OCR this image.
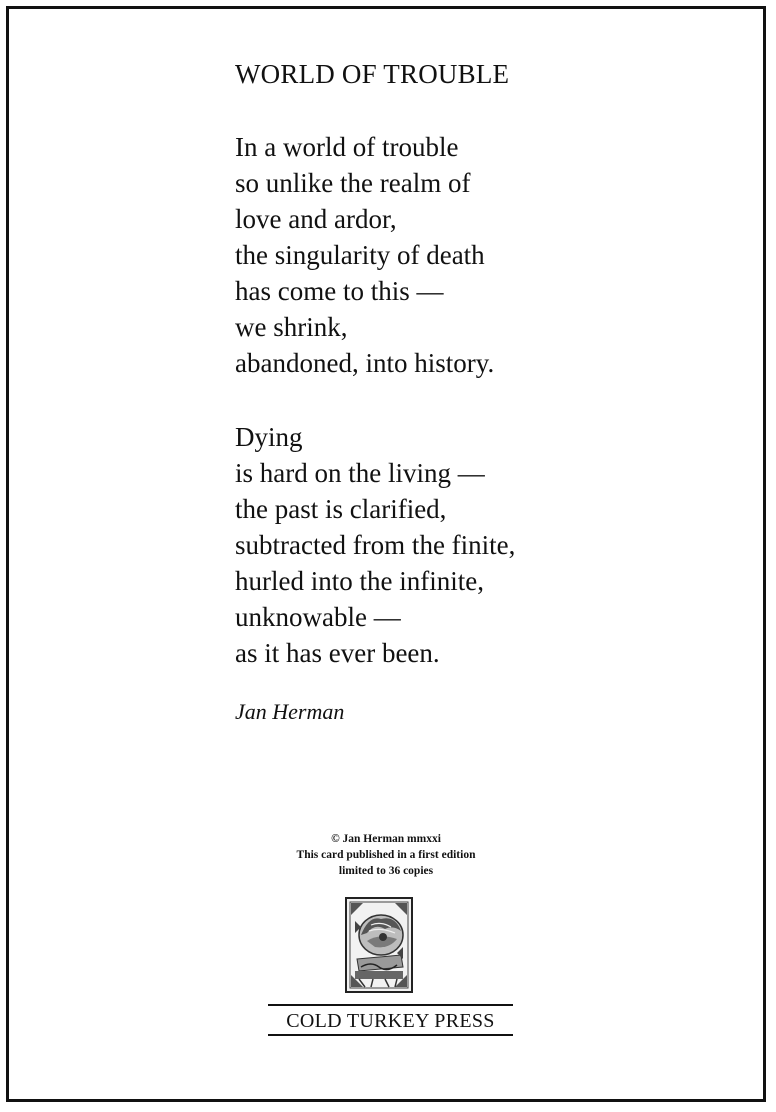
WORLD OF TROUBLE
In a world of trouble
so unlike the realm of
love and ardor,
the singularity of death
has come to this —
we shrink,
abandoned, into history.
Dying
is hard on the living —
the past is clarified,
subtracted from the finite,
hurled into the infinite,
unknowable —
as it has ever been.
Jan Herman
© Jan Herman mmxxi
This card published in a first edition
limited to 36 copies
COLD TURKEY PRESS
